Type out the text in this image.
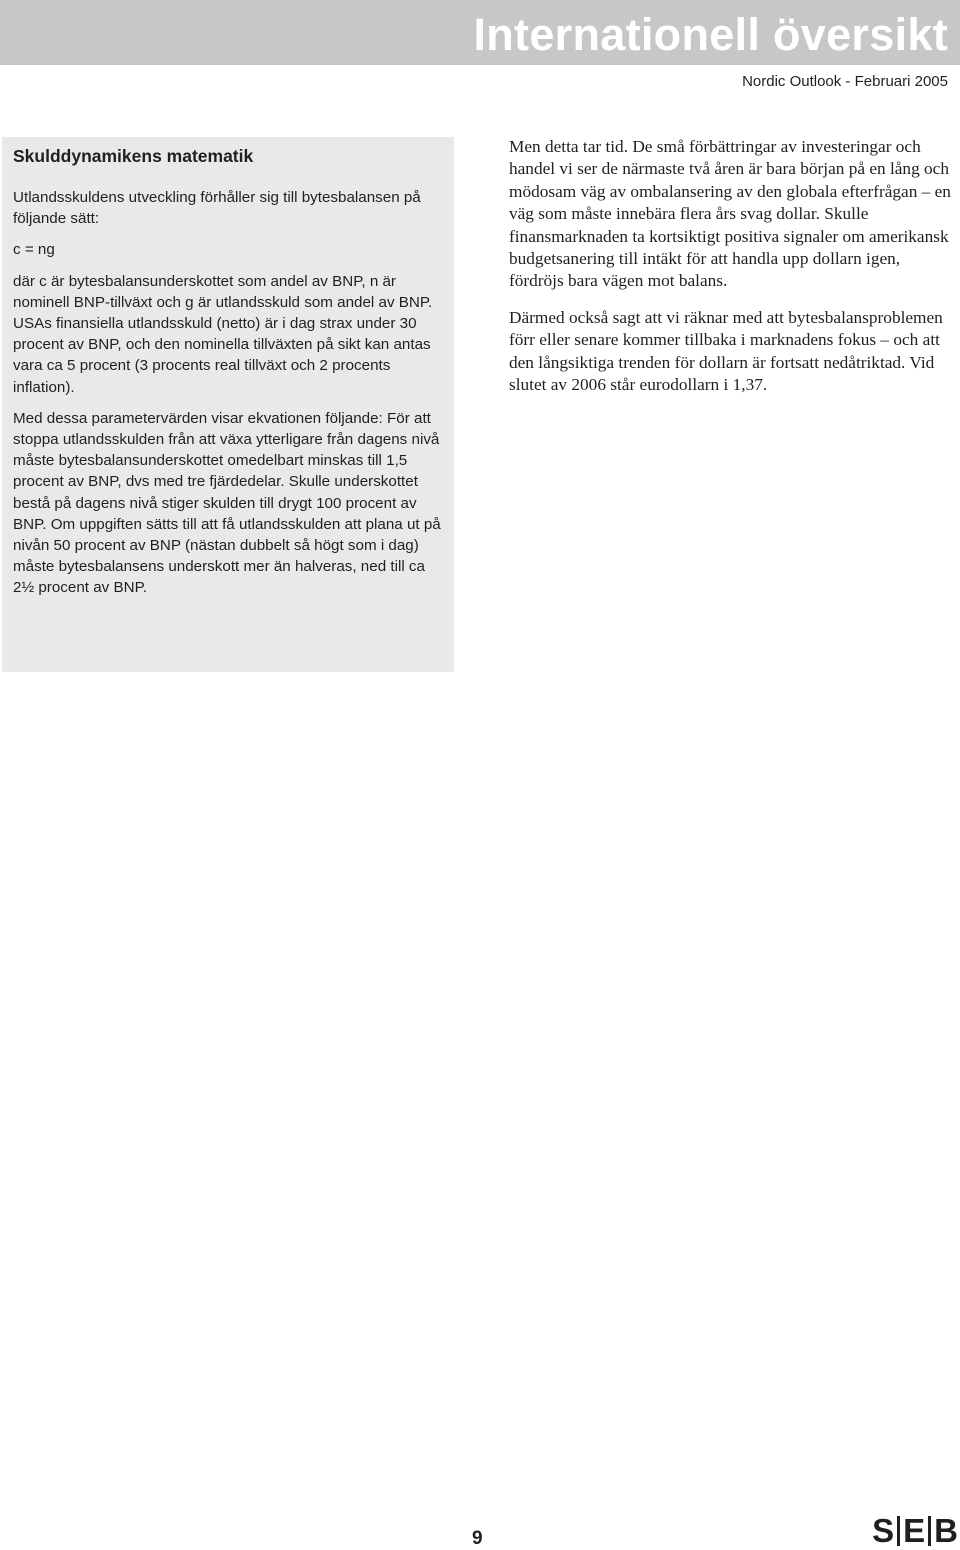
Internationell översikt
Nordic Outlook - Februari 2005
Skulddynamikens matematik

Utlandsskuldens utveckling förhåller sig till bytesbalansen på följande sätt:

c = ng

där c är bytesbalansunderskottet som andel av BNP, n är nominell BNP-tillväxt och g är utlandsskuld som andel av BNP. USAs finansiella utlandsskuld (netto) är i dag strax under 30 procent av BNP, och den nominella tillväxten på sikt kan antas vara ca 5 procent (3 procents real tillväxt och 2 procents inflation).

Med dessa parametervärden visar ekvationen följande: För att stoppa utlandsskulden från att växa ytterligare från dagens nivå måste bytesbalansunderskottet omedelbart minskas till 1,5 procent av BNP, dvs med tre fjärdedelar. Skulle underskottet bestå på dagens nivå stiger skulden till drygt 100 procent av BNP. Om uppgiften sätts till att få utlandsskulden att plana ut på nivån 50 procent av BNP (nästan dubbelt så högt som i dag) måste bytesbalansens underskott mer än halveras, ned till ca 2½ procent av BNP.

Men detta tar tid. De små förbättringar av investeringar och handel vi ser de närmaste två åren är bara början på en lång och mödosam väg av ombalansering av den globala efterfrågan – en väg som måste innebära flera års svag dollar. Skulle finansmarknaden ta kortsiktigt positiva signaler om amerikansk budgetsanering till intäkt för att handla upp dollarn igen, fördröjs bara vägen mot balans.

Därmed också sagt att vi räknar med att bytesbalansproblemen förr eller senare kommer tillbaka i marknadens fokus – och att den långsiktiga trenden för dollarn är fortsatt nedåtriktad. Vid slutet av 2006 står eurodollarn i 1,37.

9	S E B
